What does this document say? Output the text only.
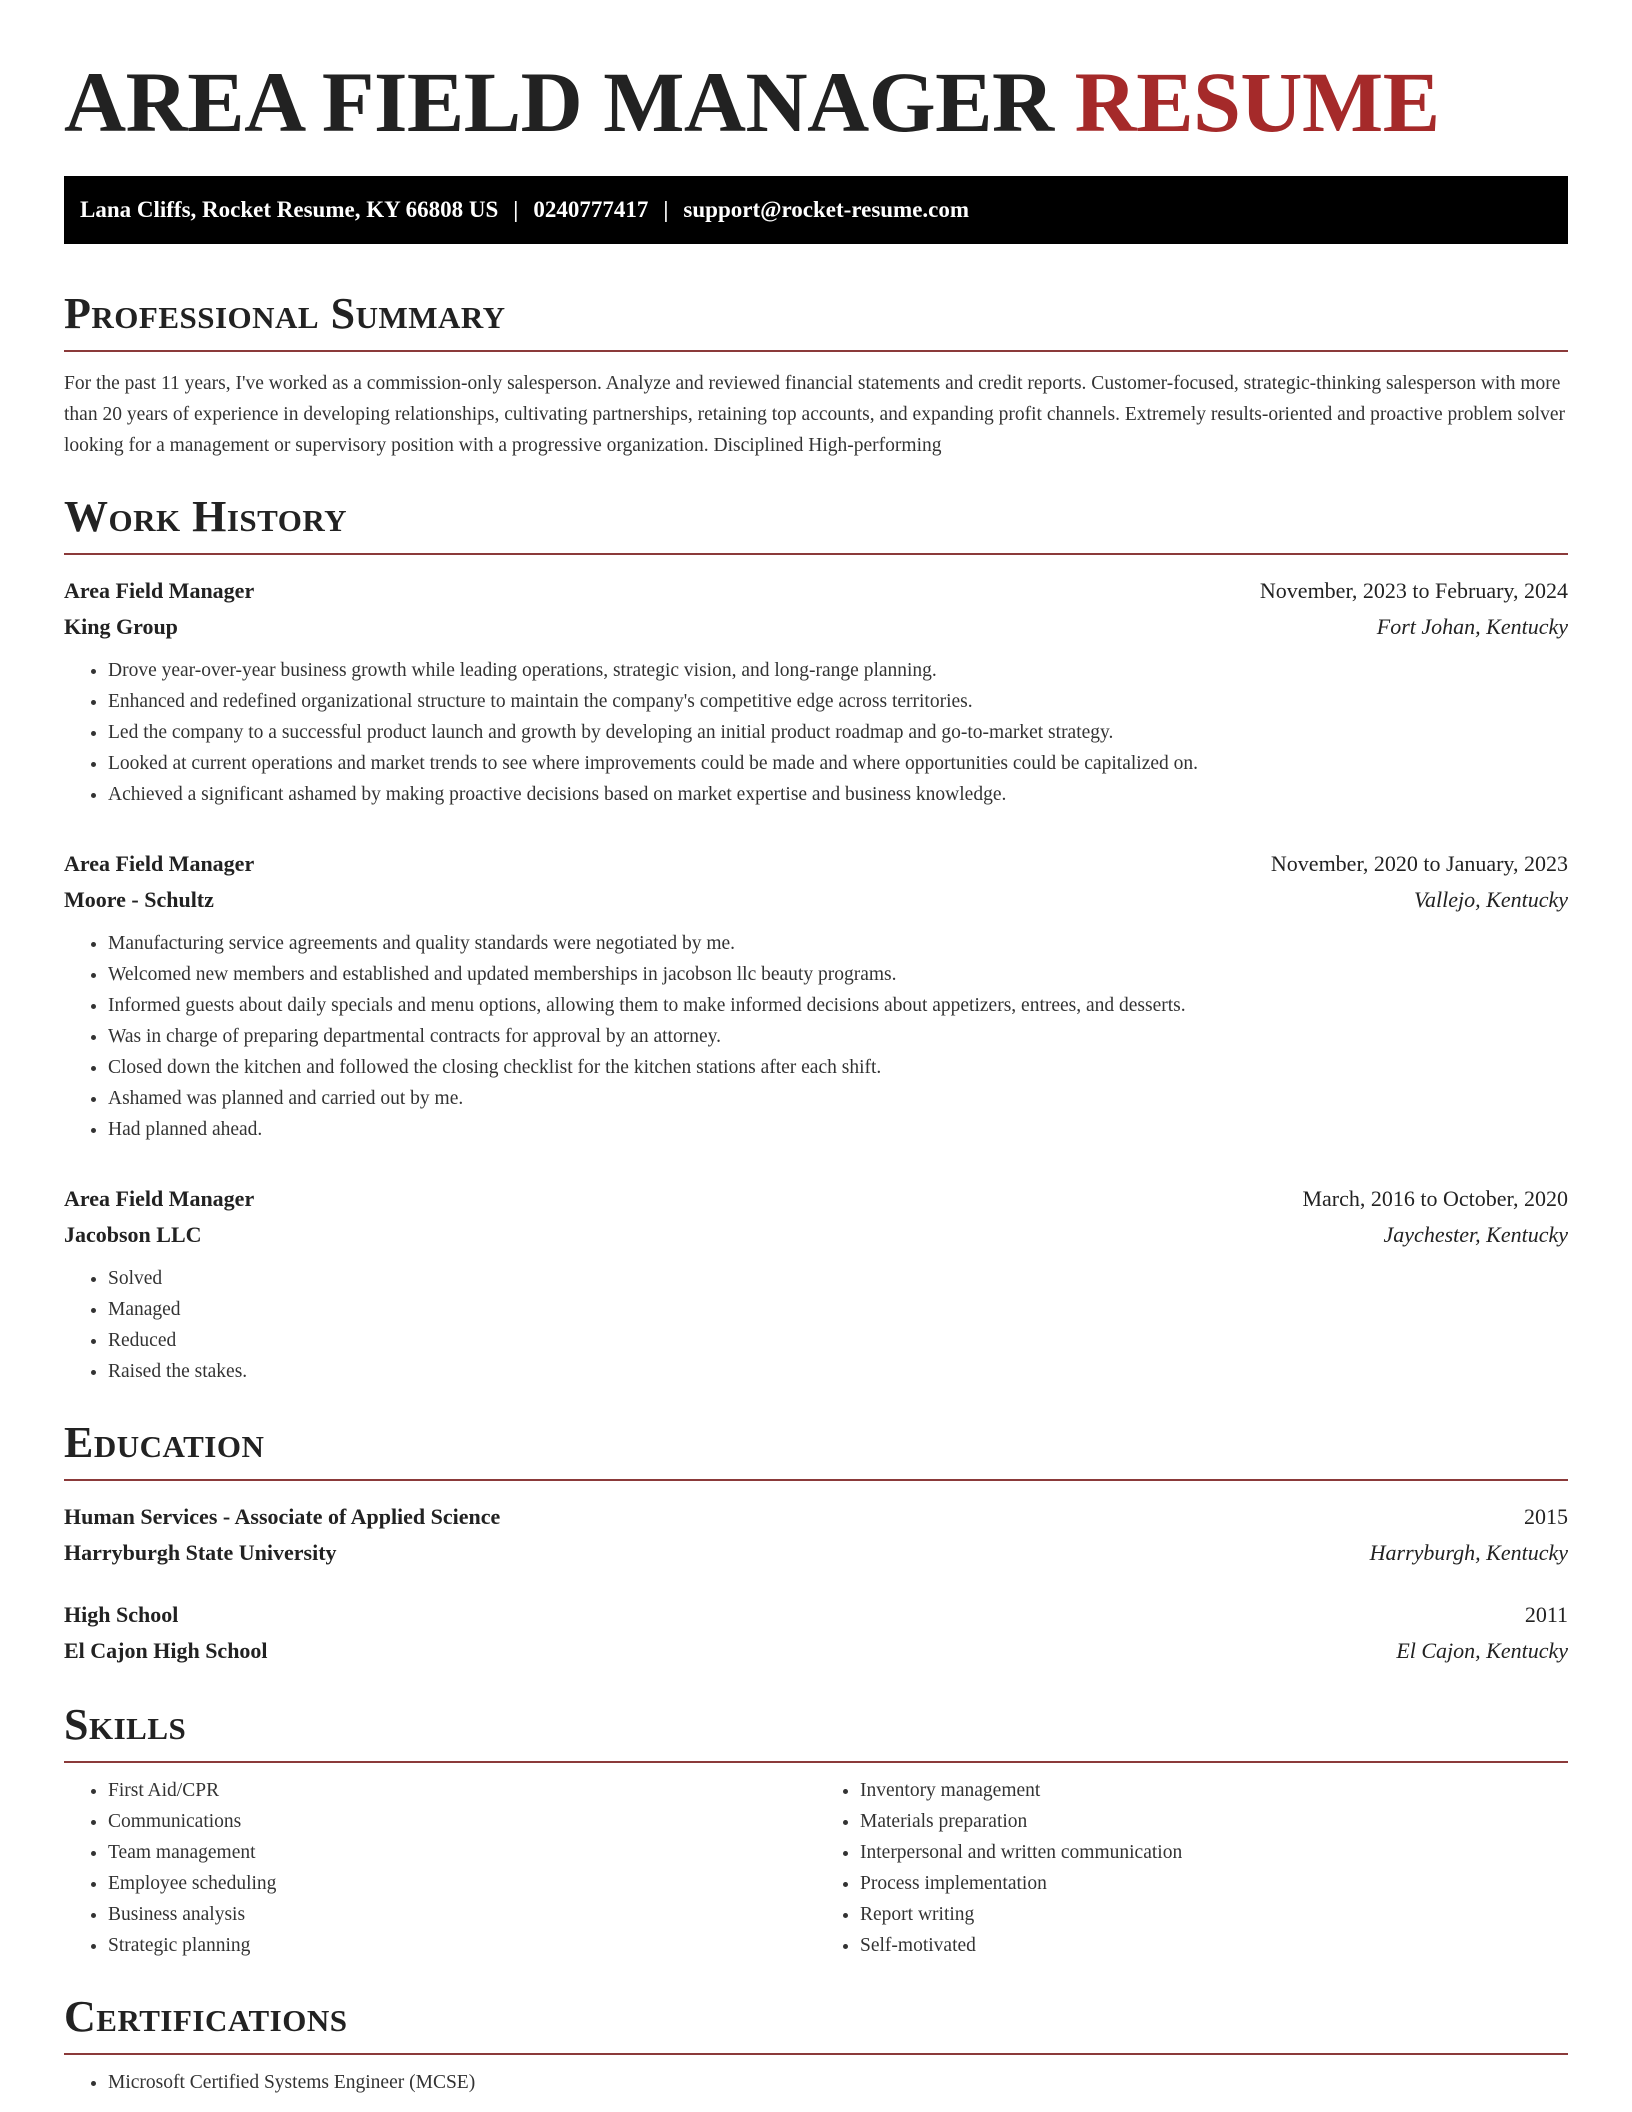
AREA FIELD MANAGER RESUME
Lana Cliffs, Rocket Resume, KY 66808 US | 0240777417 | support@rocket-resume.com
Professional Summary

For the past 11 years, I've worked as a commission-only salesperson. Analyze and reviewed financial statements and credit reports. Customer-focused, strategic-thinking salesperson with more than 20 years of experience in developing relationships, cultivating partnerships, retaining top accounts, and expanding profit channels. Extremely results-oriented and proactive problem solver looking for a management or supervisory position with a progressive organization. Disciplined High-performing

Work History
Area Field Manager	November, 2023 to February, 2024
King Group	Fort Johan, Kentucky
• Drove year-over-year business growth while leading operations, strategic vision, and long-range planning.
• Enhanced and redefined organizational structure to maintain the company's competitive edge across territories.
• Led the company to a successful product launch and growth by developing an initial product roadmap and go-to-market strategy.
• Looked at current operations and market trends to see where improvements could be made and where opportunities could be capitalized on.
• Achieved a significant ashamed by making proactive decisions based on market expertise and business knowledge.
Area Field Manager	November, 2020 to January, 2023
Moore - Schultz	Vallejo, Kentucky
• Manufacturing service agreements and quality standards were negotiated by me.
• Welcomed new members and established and updated memberships in jacobson llc beauty programs.
• Informed guests about daily specials and menu options, allowing them to make informed decisions about appetizers, entrees, and desserts.
• Was in charge of preparing departmental contracts for approval by an attorney.
• Closed down the kitchen and followed the closing checklist for the kitchen stations after each shift.
• Ashamed was planned and carried out by me.
• Had planned ahead.
Area Field Manager	March, 2016 to October, 2020
Jacobson LLC	Jaychester, Kentucky
• Solved
• Managed
• Reduced
• Raised the stakes.
Education
Human Services - Associate of Applied Science	2015
Harryburgh State University	Harryburgh, Kentucky
High School	2011
El Cajon High School	El Cajon, Kentucky
Skills
• First Aid/CPR
• Communications
• Team management
• Employee scheduling
• Business analysis
• Strategic planning
• Inventory management
• Materials preparation
• Interpersonal and written communication
• Process implementation
• Report writing
• Self-motivated
Certifications
• Microsoft Certified Systems Engineer (MCSE)
